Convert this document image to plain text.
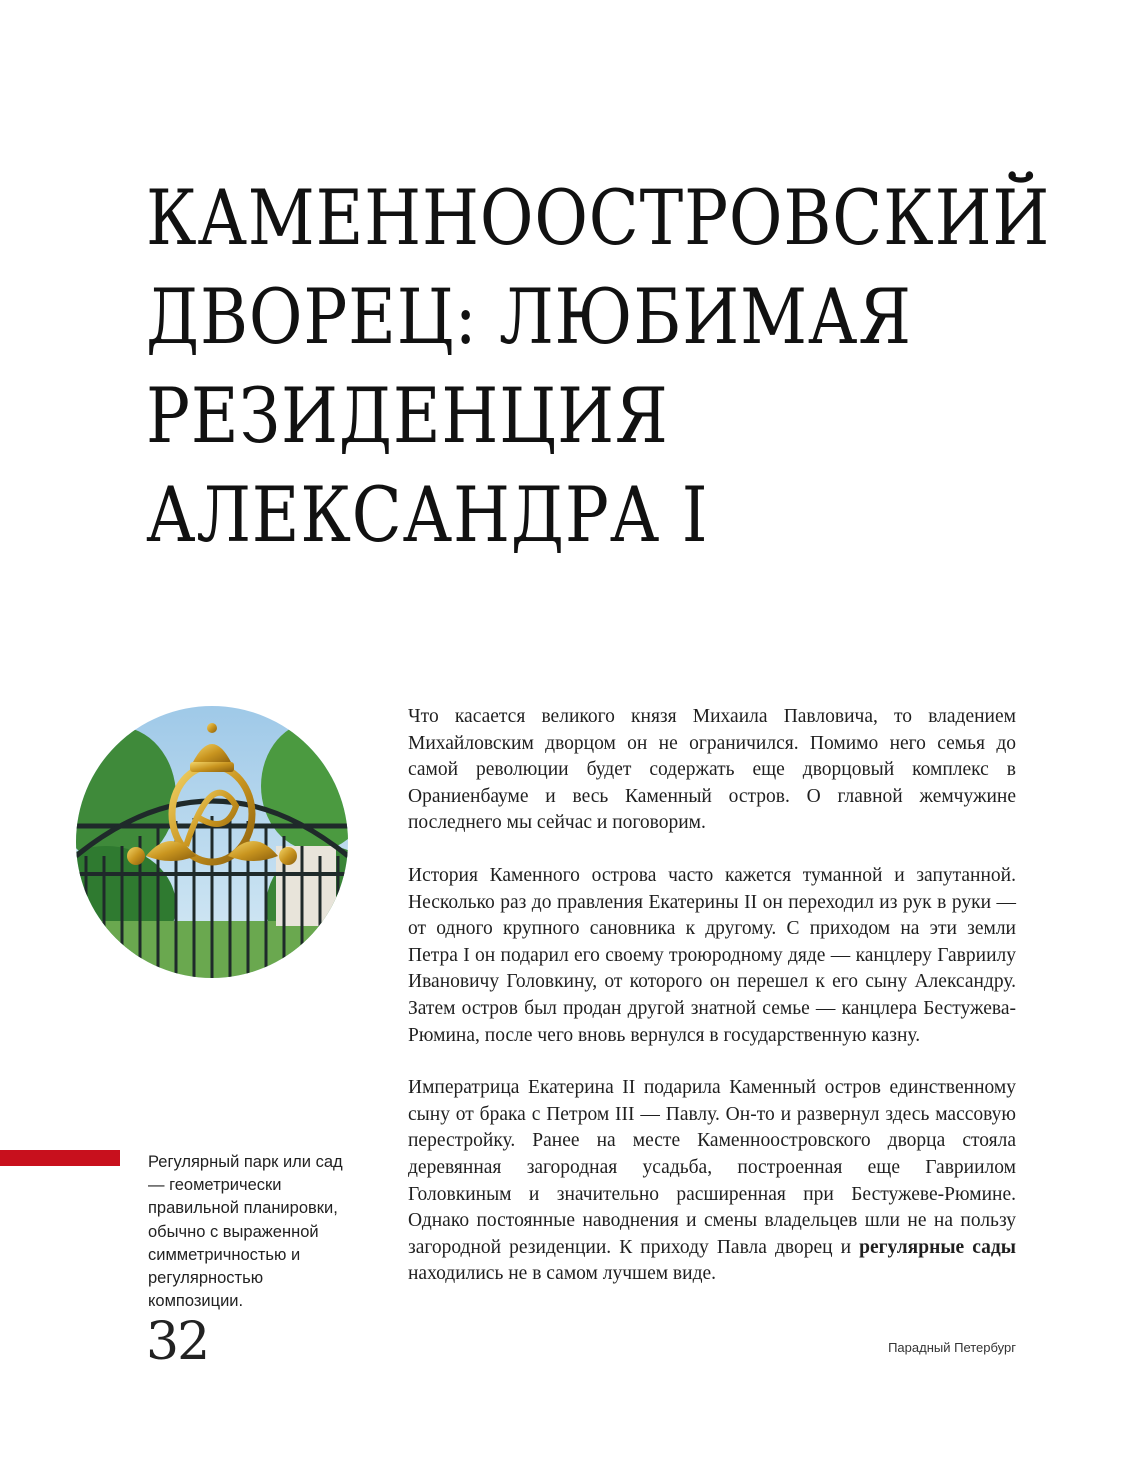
КАМЕННООСТРОВСКИЙ
ДВОРЕЦ: ЛЮБИМАЯ
РЕЗИДЕНЦИЯ
АЛЕКСАНДРА I

Что касается великого князя Михаила Павловича, то владением Михайловским дворцом он не ограничился. Помимо него семья до самой революции будет содержать еще дворцовый комплекс в Ораниенбауме и весь Каменный остров. О главной жемчужине последнего мы сейчас и поговорим.

История Каменного острова часто кажется туманной и запутанной. Несколько раз до правления Екатерины II он переходил из рук в руки — от одного крупного сановника к другому. С приходом на эти земли Петра I он подарил его своему троюродному дяде — канцлеру Гавриилу Ивановичу Головкину, от которого он перешел к его сыну Александру. Затем остров был продан другой знатной семье — канцлера Бестужева-Рюмина, после чего вновь вернулся в государственную казну.

Императрица Екатерина II подарила Каменный остров единственному сыну от брака с Петром III — Павлу. Он-то и развернул здесь массовую перестройку. Ранее на месте Каменноостровского дворца стояла деревянная загородная усадьба, построенная еще Гавриилом Головкиным и значительно расширенная при Бестужеве-Рюмине. Однако постоянные наводнения и смены владельцев шли не на пользу загородной резиденции. К приходу Павла дворец и регулярные сады находились не в самом лучшем виде.

Регулярный парк или сад — геометрически правильной планировки, обычно с выраженной симметричностью и регулярностью композиции.
32	Парадный Петербург
